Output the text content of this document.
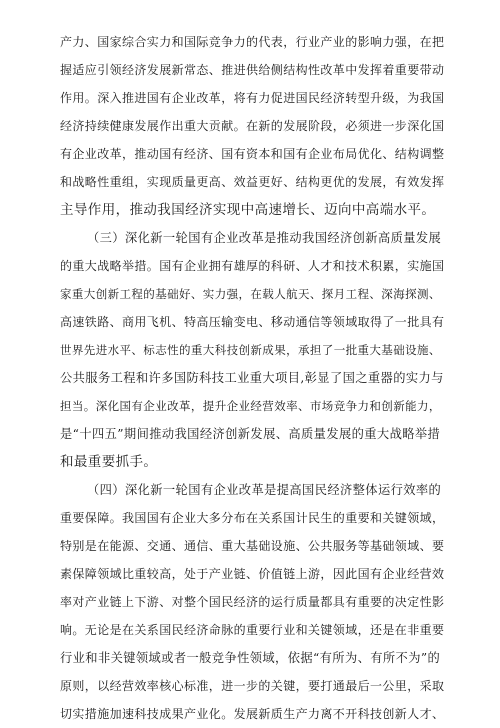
产力、国家综合实力和国际竞争力的代表，行业产业的影响力强，在把
握适应引领经济发展新常态、推进供给侧结构性改革中发挥着重要带动
作用。深入推进国有企业改革，将有力促进国民经济转型升级，为我国
经济持续健康发展作出重大贡献。在新的发展阶段，必须进一步深化国
有企业改革，推动国有经济、国有资本和国有企业布局优化、结构调整
和战略性重组，实现质量更高、效益更好、结构更优的发展，有效发挥
主导作用，推动我国经济实现中高速增长、迈向中高端水平。
（三）深化新一轮国有企业改革是推动我国经济创新高质量发展
的重大战略举措。国有企业拥有雄厚的科研、人才和技术积累，实施国
家重大创新工程的基础好、实力强，在载人航天、探月工程、深海探测、
高速铁路、商用飞机、特高压输变电、移动通信等领域取得了一批具有
世界先进水平、标志性的重大科技创新成果，承担了一批重大基础设施、
公共服务工程和许多国防科技工业重大项目,彰显了国之重器的实力与
担当。深化国有企业改革，提升企业经营效率、市场竞争力和创新能力，
是“十四五”期间推动我国经济创新发展、高质量发展的重大战略举措
和最重要抓手。
（四）深化新一轮国有企业改革是提高国民经济整体运行效率的
重要保障。我国国有企业大多分布在关系国计民生的重要和关键领域，
特别是在能源、交通、通信、重大基础设施、公共服务等基础领域、要
素保障领域比重较高，处于产业链、价值链上游，因此国有企业经营效
率对产业链上下游、对整个国民经济的运行质量都具有重要的决定性影
响。无论是在关系国民经济命脉的重要行业和关键领域，还是在非重要
行业和非关键领域或者一般竞争性领域，依据“有所为、有所不为”的
原则，以经营效率核心标准，进一步的关键，要打通最后一公里，采取
切实措施加速科技成果产业化。发展新质生产力离不开科技创新人才、
